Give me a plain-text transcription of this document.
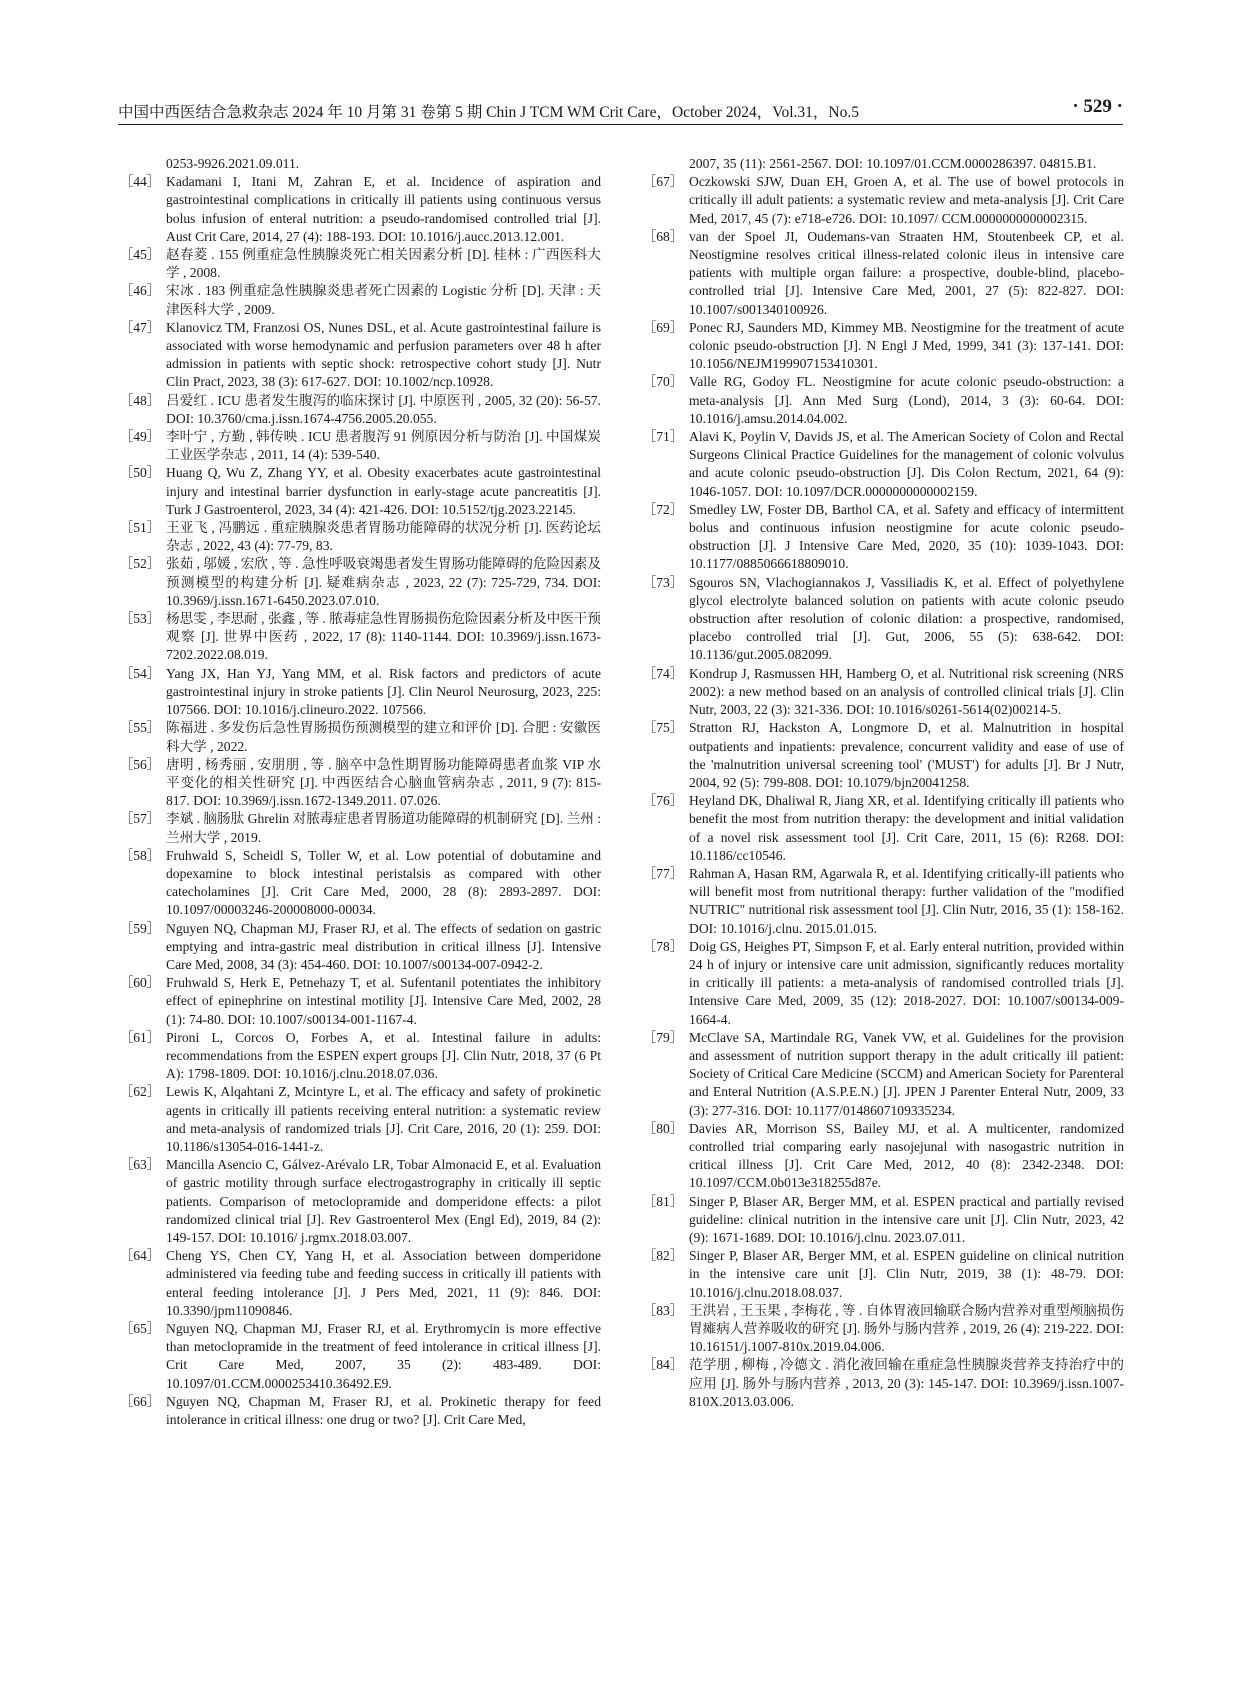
中国中西医结合急救杂志 2024 年 10 月第 31 卷第 5 期 Chin J TCM WM Crit Care，October 2024，Vol.31，No.5	· 529 ·

0253-9926.2021.09.011.

［44］ Kadamani I, Itani M, Zahran E, et al. Incidence of aspiration and gastrointestinal complications in critically ill patients using continuous versus bolus infusion of enteral nutrition: a pseudo-randomised controlled trial [J]. Aust Crit Care, 2014, 27 (4): 188-193. DOI: 10.1016/j.aucc.2013.12.001.

［45］ 赵春菱 . 155 例重症急性胰腺炎死亡相关因素分析 [D]. 桂林 : 广西医科大学 , 2008.

［46］ 宋冰 . 183 例重症急性胰腺炎患者死亡因素的 Logistic 分析 [D]. 天津 : 天津医科大学 , 2009.

［47］ Klanovicz TM, Franzosi OS, Nunes DSL, et al. Acute gastrointestinal failure is associated with worse hemodynamic and perfusion parameters over 48 h after admission in patients with septic shock: retrospective cohort study [J]. Nutr Clin Pract, 2023, 38 (3): 617-627. DOI: 10.1002/ncp.10928.

［48］ 吕爱红 . ICU 患者发生腹泻的临床探讨 [J]. 中原医刊 , 2005, 32 (20): 56-57. DOI: 10.3760/cma.j.issn.1674-4756.2005.20.055.

［49］ 李叶宁 , 方勤 , 韩传映 . ICU 患者腹泻 91 例原因分析与防治 [J]. 中国煤炭工业医学杂志 , 2011, 14 (4): 539-540.

［50］ Huang Q, Wu Z, Zhang YY, et al. Obesity exacerbates acute gastrointestinal injury and intestinal barrier dysfunction in early-stage acute pancreatitis [J]. Turk J Gastroenterol, 2023, 34 (4): 421-426. DOI: 10.5152/tjg.2023.22145.

［51］ 王亚飞 , 冯鹏远 . 重症胰腺炎患者胃肠功能障碍的状况分析 [J]. 医药论坛杂志 , 2022, 43 (4): 77-79, 83.

［52］ 张茹 , 邬媛 , 宏欣 , 等 . 急性呼吸衰竭患者发生胃肠功能障碍的危险因素及预测模型的构建分析 [J]. 疑难病杂志 , 2023, 22 (7): 725-729, 734. DOI: 10.3969/j.issn.1671-6450.2023.07.010.

［53］ 杨思雯 , 李思耐 , 张鑫 , 等 . 脓毒症急性胃肠损伤危险因素分析及中医干预观察 [J]. 世界中医药 , 2022, 17 (8): 1140-1144. DOI: 10.3969/j.issn.1673-7202.2022.08.019.

［54］ Yang JX, Han YJ, Yang MM, et al. Risk factors and predictors of acute gastrointestinal injury in stroke patients [J]. Clin Neurol Neurosurg, 2023, 225: 107566. DOI: 10.1016/j.clineuro.2022. 107566.

［55］ 陈福进 . 多发伤后急性胃肠损伤预测模型的建立和评价 [D]. 合肥 : 安徽医科大学 , 2022.

［56］ 唐明 , 杨秀丽 , 安朋朋 , 等 . 脑卒中急性期胃肠功能障碍患者血浆 VIP 水平变化的相关性研究 [J]. 中西医结合心脑血管病杂志 , 2011, 9 (7): 815-817. DOI: 10.3969/j.issn.1672-1349.2011. 07.026.

［57］ 李斌 . 脑肠肽 Ghrelin 对脓毒症患者胃肠道功能障碍的机制研究 [D]. 兰州 : 兰州大学 , 2019.

［58］ Fruhwald S, Scheidl S, Toller W, et al. Low potential of dobutamine and dopexamine to block intestinal peristalsis as compared with other catecholamines [J]. Crit Care Med, 2000, 28 (8): 2893-2897. DOI: 10.1097/00003246-200008000-00034.

［59］ Nguyen NQ, Chapman MJ, Fraser RJ, et al. The effects of sedation on gastric emptying and intra-gastric meal distribution in critical illness [J]. Intensive Care Med, 2008, 34 (3): 454-460. DOI: 10.1007/s00134-007-0942-2.

［60］ Fruhwald S, Herk E, Petnehazy T, et al. Sufentanil potentiates the inhibitory effect of epinephrine on intestinal motility [J]. Intensive Care Med, 2002, 28 (1): 74-80. DOI: 10.1007/s00134-001-1167-4.

［61］ Pironi L, Corcos O, Forbes A, et al. Intestinal failure in adults: recommendations from the ESPEN expert groups [J]. Clin Nutr, 2018, 37 (6 Pt A): 1798-1809. DOI: 10.1016/j.clnu.2018.07.036.

［62］ Lewis K, Alqahtani Z, Mcintyre L, et al. The efficacy and safety of prokinetic agents in critically ill patients receiving enteral nutrition: a systematic review and meta-analysis of randomized trials [J]. Crit Care, 2016, 20 (1): 259. DOI: 10.1186/s13054-016-1441-z.

［63］ Mancilla Asencio C, Gálvez-Arévalo LR, Tobar Almonacid E, et al. Evaluation of gastric motility through surface electrogastrography in critically ill septic patients. Comparison of metoclopramide and domperidone effects: a pilot randomized clinical trial [J]. Rev Gastroenterol Mex (Engl Ed), 2019, 84 (2): 149-157. DOI: 10.1016/ j.rgmx.2018.03.007.

［64］ Cheng YS, Chen CY, Yang H, et al. Association between domperidone administered via feeding tube and feeding success in critically ill patients with enteral feeding intolerance [J]. J Pers Med, 2021, 11 (9): 846. DOI: 10.3390/jpm11090846.

［65］ Nguyen NQ, Chapman MJ, Fraser RJ, et al. Erythromycin is more effective than metoclopramide in the treatment of feed intolerance in critical illness [J]. Crit Care Med, 2007, 35 (2): 483-489. DOI: 10.1097/01.CCM.0000253410.36492.E9.

［66］ Nguyen NQ, Chapman M, Fraser RJ, et al. Prokinetic therapy for feed intolerance in critical illness: one drug or two? [J]. Crit Care Med,

2007, 35 (11): 2561-2567. DOI: 10.1097/01.CCM.0000286397. 04815.B1.

［67］ Oczkowski SJW, Duan EH, Groen A, et al. The use of bowel protocols in critically ill adult patients: a systematic review and meta-analysis [J]. Crit Care Med, 2017, 45 (7): e718-e726. DOI: 10.1097/ CCM.0000000000002315.

［68］ van der Spoel JI, Oudemans-van Straaten HM, Stoutenbeek CP, et al. Neostigmine resolves critical illness-related colonic ileus in intensive care patients with multiple organ failure: a prospective, double-blind, placebo-controlled trial [J]. Intensive Care Med, 2001, 27 (5): 822-827. DOI: 10.1007/s001340100926.

［69］ Ponec RJ, Saunders MD, Kimmey MB. Neostigmine for the treatment of acute colonic pseudo-obstruction [J]. N Engl J Med, 1999, 341 (3): 137-141. DOI: 10.1056/NEJM199907153410301.

［70］ Valle RG, Godoy FL. Neostigmine for acute colonic pseudo-obstruction: a meta-analysis [J]. Ann Med Surg (Lond), 2014, 3 (3): 60-64. DOI: 10.1016/j.amsu.2014.04.002.

［71］ Alavi K, Poylin V, Davids JS, et al. The American Society of Colon and Rectal Surgeons Clinical Practice Guidelines for the management of colonic volvulus and acute colonic pseudo-obstruction [J]. Dis Colon Rectum, 2021, 64 (9): 1046-1057. DOI: 10.1097/DCR.0000000000002159.

［72］ Smedley LW, Foster DB, Barthol CA, et al. Safety and efficacy of intermittent bolus and continuous infusion neostigmine for acute colonic pseudo-obstruction [J]. J Intensive Care Med, 2020, 35 (10): 1039-1043. DOI: 10.1177/0885066618809010.

［73］ Sgouros SN, Vlachogiannakos J, Vassiliadis K, et al. Effect of polyethylene glycol electrolyte balanced solution on patients with acute colonic pseudo obstruction after resolution of colonic dilation: a prospective, randomised, placebo controlled trial [J]. Gut, 2006, 55 (5): 638-642. DOI: 10.1136/gut.2005.082099.

［74］ Kondrup J, Rasmussen HH, Hamberg O, et al. Nutritional risk screening (NRS 2002): a new method based on an analysis of controlled clinical trials [J]. Clin Nutr, 2003, 22 (3): 321-336. DOI: 10.1016/s0261-5614(02)00214-5.

［75］ Stratton RJ, Hackston A, Longmore D, et al. Malnutrition in hospital outpatients and inpatients: prevalence, concurrent validity and ease of use of the 'malnutrition universal screening tool' ('MUST') for adults [J]. Br J Nutr, 2004, 92 (5): 799-808. DOI: 10.1079/bjn20041258.

［76］ Heyland DK, Dhaliwal R, Jiang XR, et al. Identifying critically ill patients who benefit the most from nutrition therapy: the development and initial validation of a novel risk assessment tool [J]. Crit Care, 2011, 15 (6): R268. DOI: 10.1186/cc10546.

［77］ Rahman A, Hasan RM, Agarwala R, et al. Identifying critically-ill patients who will benefit most from nutritional therapy: further validation of the "modified NUTRIC" nutritional risk assessment tool [J]. Clin Nutr, 2016, 35 (1): 158-162. DOI: 10.1016/j.clnu. 2015.01.015.

［78］ Doig GS, Heighes PT, Simpson F, et al. Early enteral nutrition, provided within 24 h of injury or intensive care unit admission, significantly reduces mortality in critically ill patients: a meta-analysis of randomised controlled trials [J]. Intensive Care Med, 2009, 35 (12): 2018-2027. DOI: 10.1007/s00134-009-1664-4.

［79］ McClave SA, Martindale RG, Vanek VW, et al. Guidelines for the provision and assessment of nutrition support therapy in the adult critically ill patient: Society of Critical Care Medicine (SCCM) and American Society for Parenteral and Enteral Nutrition (A.S.P.E.N.) [J]. JPEN J Parenter Enteral Nutr, 2009, 33 (3): 277-316. DOI: 10.1177/0148607109335234.

［80］ Davies AR, Morrison SS, Bailey MJ, et al. A multicenter, randomized controlled trial comparing early nasojejunal with nasogastric nutrition in critical illness [J]. Crit Care Med, 2012, 40 (8): 2342-2348. DOI: 10.1097/CCM.0b013e318255d87e.

［81］ Singer P, Blaser AR, Berger MM, et al. ESPEN practical and partially revised guideline: clinical nutrition in the intensive care unit [J]. Clin Nutr, 2023, 42 (9): 1671-1689. DOI: 10.1016/j.clnu. 2023.07.011.

［82］ Singer P, Blaser AR, Berger MM, et al. ESPEN guideline on clinical nutrition in the intensive care unit [J]. Clin Nutr, 2019, 38 (1): 48-79. DOI: 10.1016/j.clnu.2018.08.037.

［83］ 王洪岩 , 王玉果 , 李梅花 , 等 . 自体胃液回输联合肠内营养对重型颅脑损伤胃瘫病人营养吸收的研究 [J]. 肠外与肠内营养 , 2019, 26 (4): 219-222. DOI: 10.16151/j.1007-810x.2019.04.006.

［84］ 范学朋 , 柳梅 , 冷德文 . 消化液回输在重症急性胰腺炎营养支持治疗中的应用 [J]. 肠外与肠内营养 , 2013, 20 (3): 145-147. DOI: 10.3969/j.issn.1007-810X.2013.03.006.
